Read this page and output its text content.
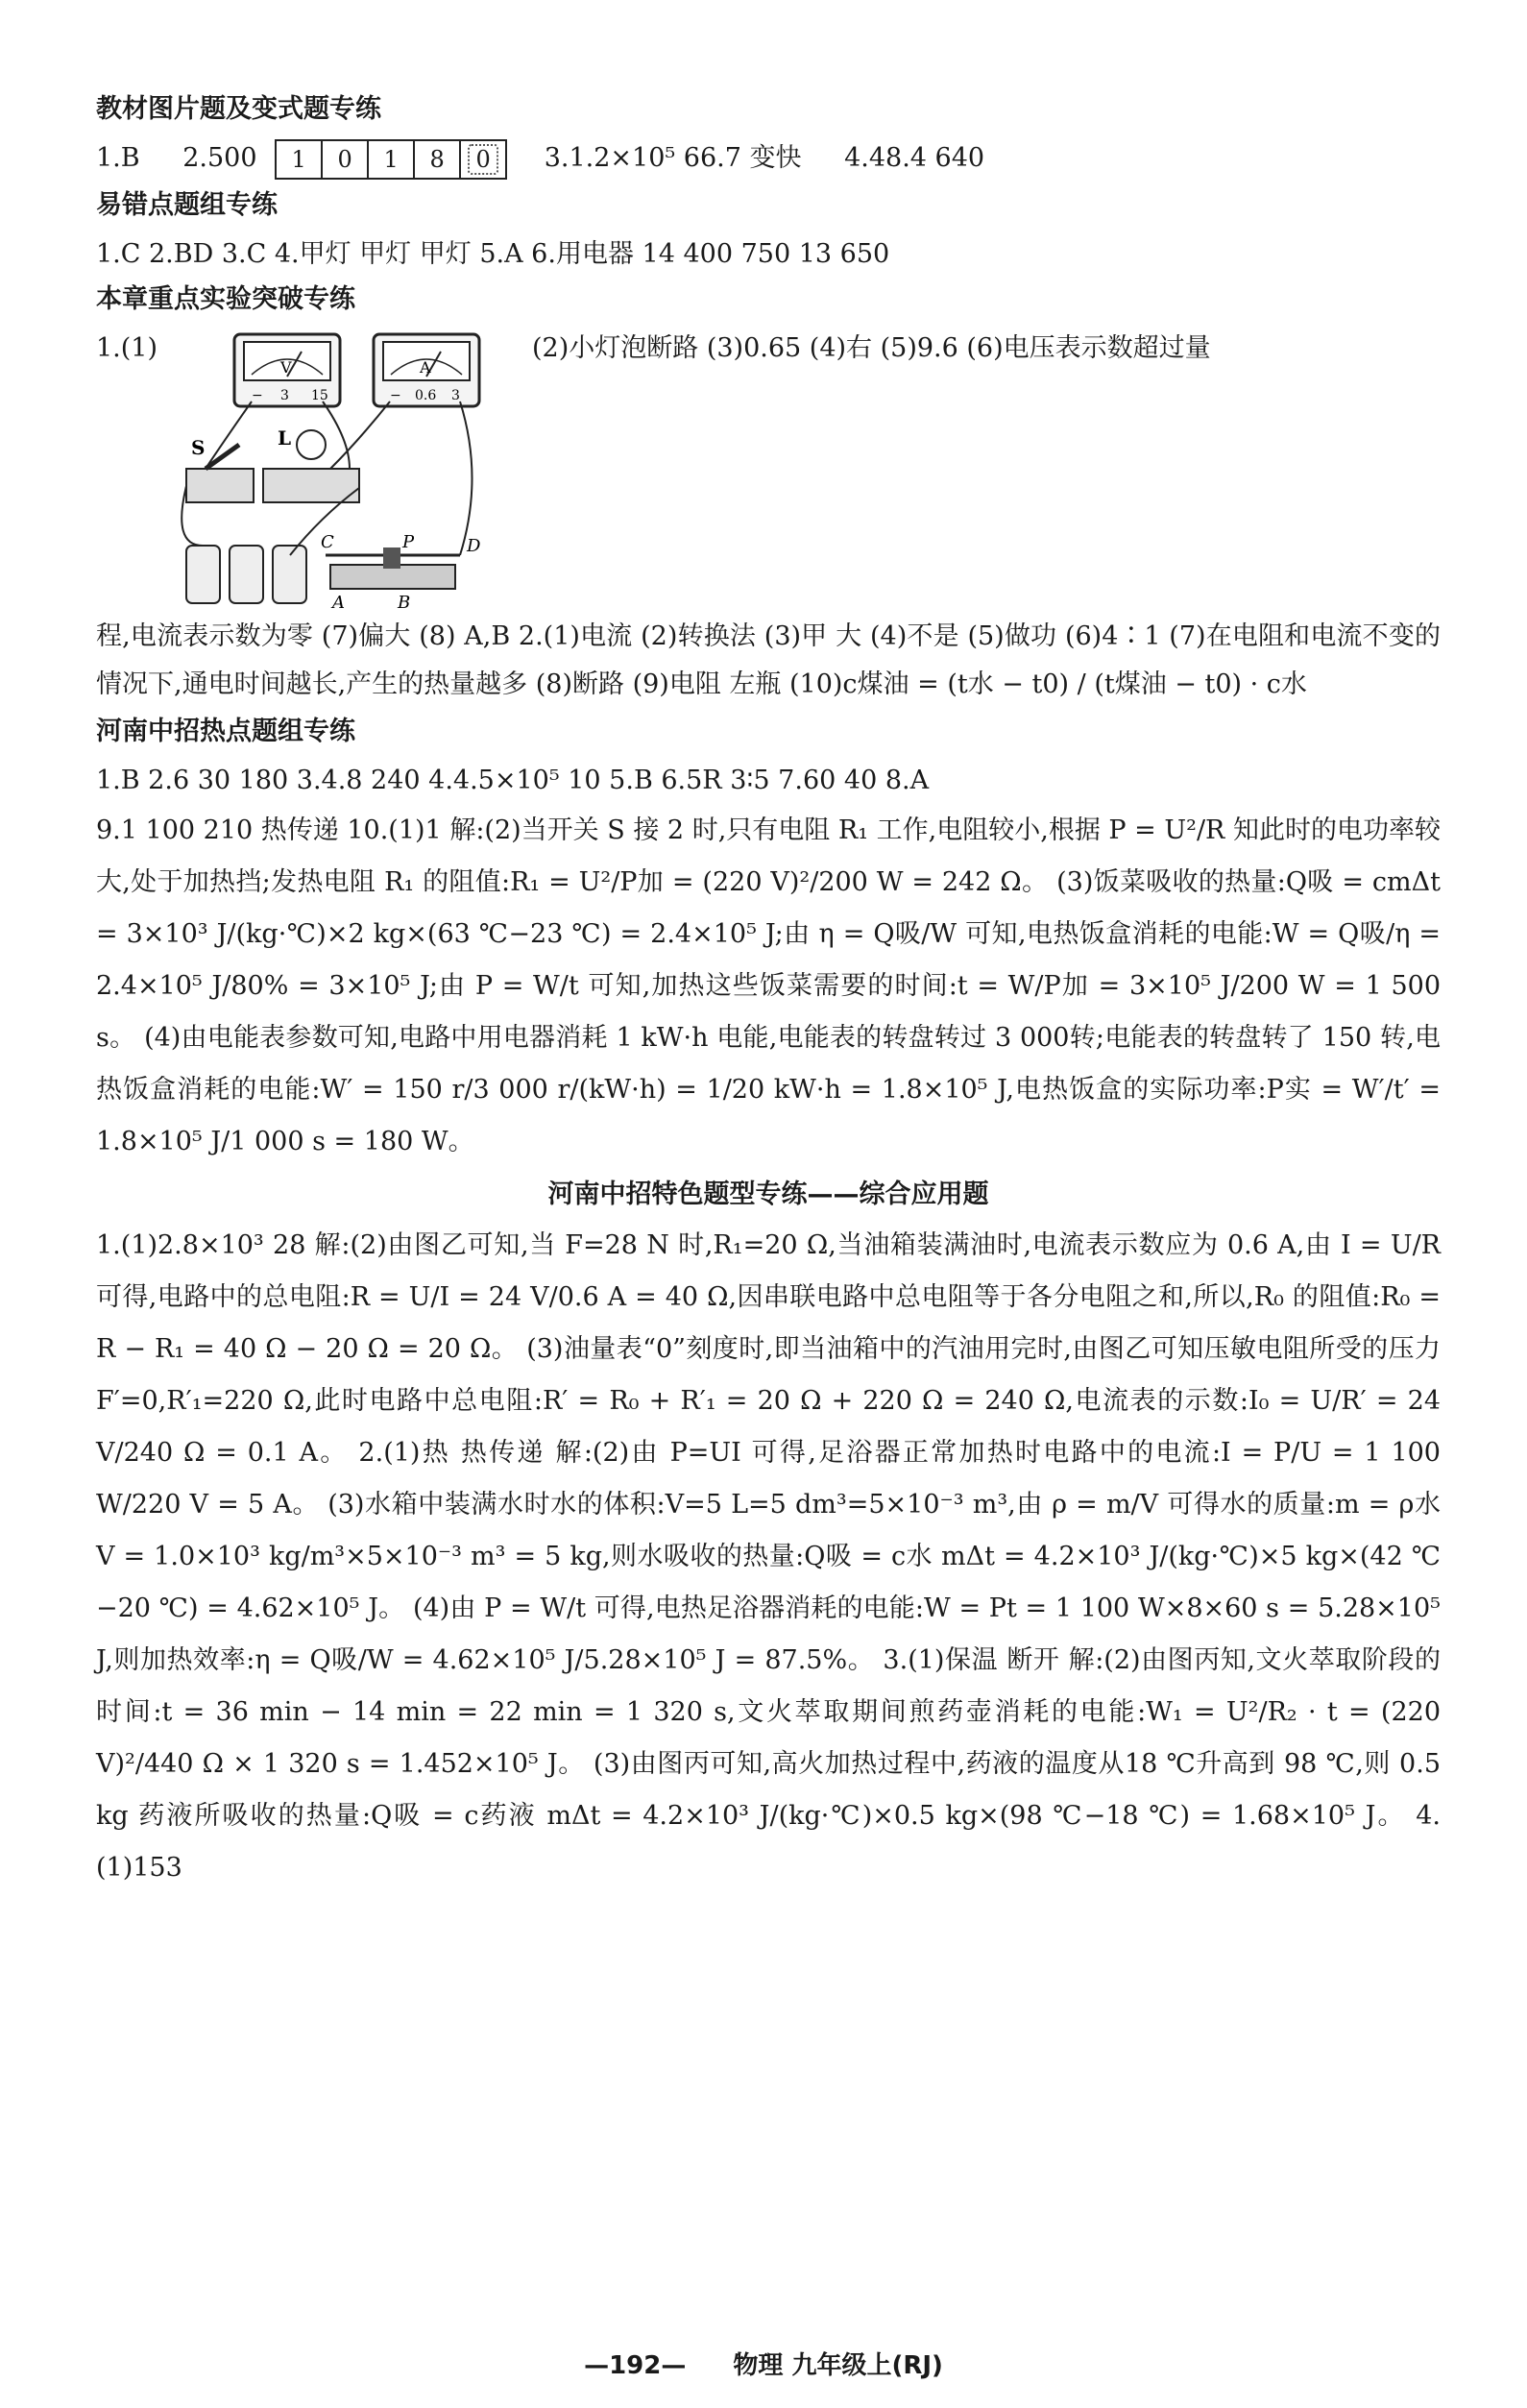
教材图片题及变式题专练
1.B 2.500	1	0	1	8	0	3.1.2×10⁵ 66.7 变快 4.48.4 640
易错点题组专练
1.C 2.BD 3.C 4.甲灯 甲灯 甲灯 5.A 6.用电器 14 400 750 13 650
本章重点实验突破专练
1.(1)
V
− 3 15
A
− 0.6 3
S	L
C	P	D
A	B
(2)小灯泡断路 (3)0.65 (4)右 (5)9.6 (6)电压表示数超过量
程,电流表示数为零 (7)偏大 (8) A,B 2.(1)电流 (2)转换法 (3)甲 大 (4)不是 (5)做功 (6)4∶1 (7)在电阻和电流不变的情况下,通电时间越长,产生的热量越多 (8)断路 (9)电阻 左瓶 (10)c煤油 = (t水 − t0) / (t煤油 − t0) · c水
河南中招热点题组专练
1.B 2.6 30 180 3.4.8 240 4.4.5×10⁵ 10 5.B 6.5R 3∶5 7.60 40 8.A
9.1 100 210 热传递 10.(1)1 解:(2)当开关 S 接 2 时,只有电阻 R₁ 工作,电阻较小,根据 P = U²/R 知此时的电功率较大,处于加热挡;发热电阻 R₁ 的阻值:R₁ = U²/P加 = (220 V)²/200 W = 242 Ω。 (3)饭菜吸收的热量:Q吸 = cmΔt = 3×10³ J/(kg·℃)×2 kg×(63 ℃−23 ℃) = 2.4×10⁵ J;由 η = Q吸/W 可知,电热饭盒消耗的电能:W = Q吸/η = 2.4×10⁵ J/80% = 3×10⁵ J;由 P = W/t 可知,加热这些饭菜需要的时间:t = W/P加 = 3×10⁵ J/200 W = 1 500 s。 (4)由电能表参数可知,电路中用电器消耗 1 kW·h 电能,电能表的转盘转过 3 000转;电能表的转盘转了 150 转,电热饭盒消耗的电能:W′ = 150 r/3 000 r/(kW·h) = 1/20 kW·h = 1.8×10⁵ J,电热饭盒的实际功率:P实 = W′/t′ = 1.8×10⁵ J/1 000 s = 180 W。
河南中招特色题型专练——综合应用题
1.(1)2.8×10³ 28 解:(2)由图乙可知,当 F=28 N 时,R₁=20 Ω,当油箱装满油时,电流表示数应为 0.6 A,由 I = U/R 可得,电路中的总电阻:R = U/I = 24 V/0.6 A = 40 Ω,因串联电路中总电阻等于各分电阻之和,所以,R₀ 的阻值:R₀ = R − R₁ = 40 Ω − 20 Ω = 20 Ω。 (3)油量表“0”刻度时,即当油箱中的汽油用完时,由图乙可知压敏电阻所受的压力 F′=0,R′₁=220 Ω,此时电路中总电阻:R′ = R₀ + R′₁ = 20 Ω + 220 Ω = 240 Ω,电流表的示数:I₀ = U/R′ = 24 V/240 Ω = 0.1 A。 2.(1)热 热传递 解:(2)由 P=UI 可得,足浴器正常加热时电路中的电流:I = P/U = 1 100 W/220 V = 5 A。 (3)水箱中装满水时水的体积:V=5 L=5 dm³=5×10⁻³ m³,由 ρ = m/V 可得水的质量:m = ρ水 V = 1.0×10³ kg/m³×5×10⁻³ m³ = 5 kg,则水吸收的热量:Q吸 = c水 mΔt = 4.2×10³ J/(kg·℃)×5 kg×(42 ℃−20 ℃) = 4.62×10⁵ J。 (4)由 P = W/t 可得,电热足浴器消耗的电能:W = Pt = 1 100 W×8×60 s = 5.28×10⁵ J,则加热效率:η = Q吸/W = 4.62×10⁵ J/5.28×10⁵ J = 87.5%。 3.(1)保温 断开 解:(2)由图丙知,文火萃取阶段的时间:t = 36 min − 14 min = 22 min = 1 320 s,文火萃取期间煎药壶消耗的电能:W₁ = U²/R₂ · t = (220 V)²/440 Ω × 1 320 s = 1.452×10⁵ J。 (3)由图丙可知,高火加热过程中,药液的温度从18 ℃升高到 98 ℃,则 0.5 kg 药液所吸收的热量:Q吸 = c药液 mΔt = 4.2×10³ J/(kg·℃)×0.5 kg×(98 ℃−18 ℃) = 1.68×10⁵ J。 4.(1)153
—192— 物理 九年级上(RJ)
